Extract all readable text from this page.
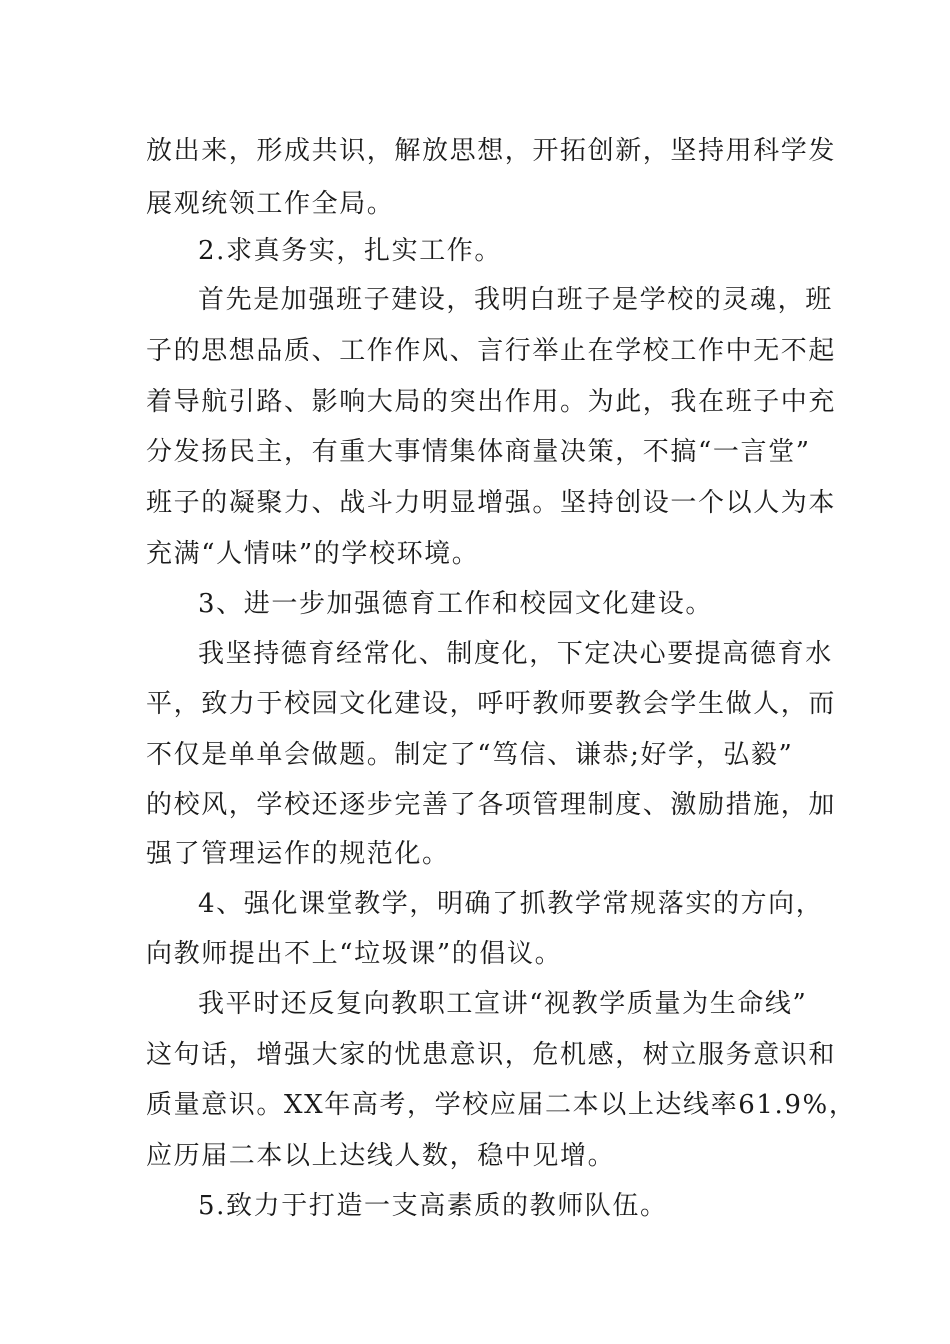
放出来，形成共识，解放思想，开拓创新，坚持用科学发
展观统领工作全局。
2.求真务实，扎实工作。
首先是加强班子建设，我明白班子是学校的灵魂，班
子的思想品质、工作作风、言行举止在学校工作中无不起
着导航引路、影响大局的突出作用。为此，我在班子中充
分发扬民主，有重大事情集体商量决策，不搞“一言堂”
班子的凝聚力、战斗力明显增强。坚持创设一个以人为本
充满“人情味”的学校环境。
3、进一步加强德育工作和校园文化建设。
我坚持德育经常化、制度化，下定决心要提高德育水
平，致力于校园文化建设，呼吁教师要教会学生做人，而
不仅是单单会做题。制定了“笃信、谦恭;好学，弘毅”
的校风，学校还逐步完善了各项管理制度、激励措施，加
强了管理运作的规范化。
4、强化课堂教学，明确了抓教学常规落实的方向，
向教师提出不上“垃圾课”的倡议。
我平时还反复向教职工宣讲“视教学质量为生命线”
这句话，增强大家的忧患意识，危机感，树立服务意识和
质量意识。XX年高考，学校应届二本以上达线率61.9%，
应历届二本以上达线人数，稳中见增。
5.致力于打造一支高素质的教师队伍。
